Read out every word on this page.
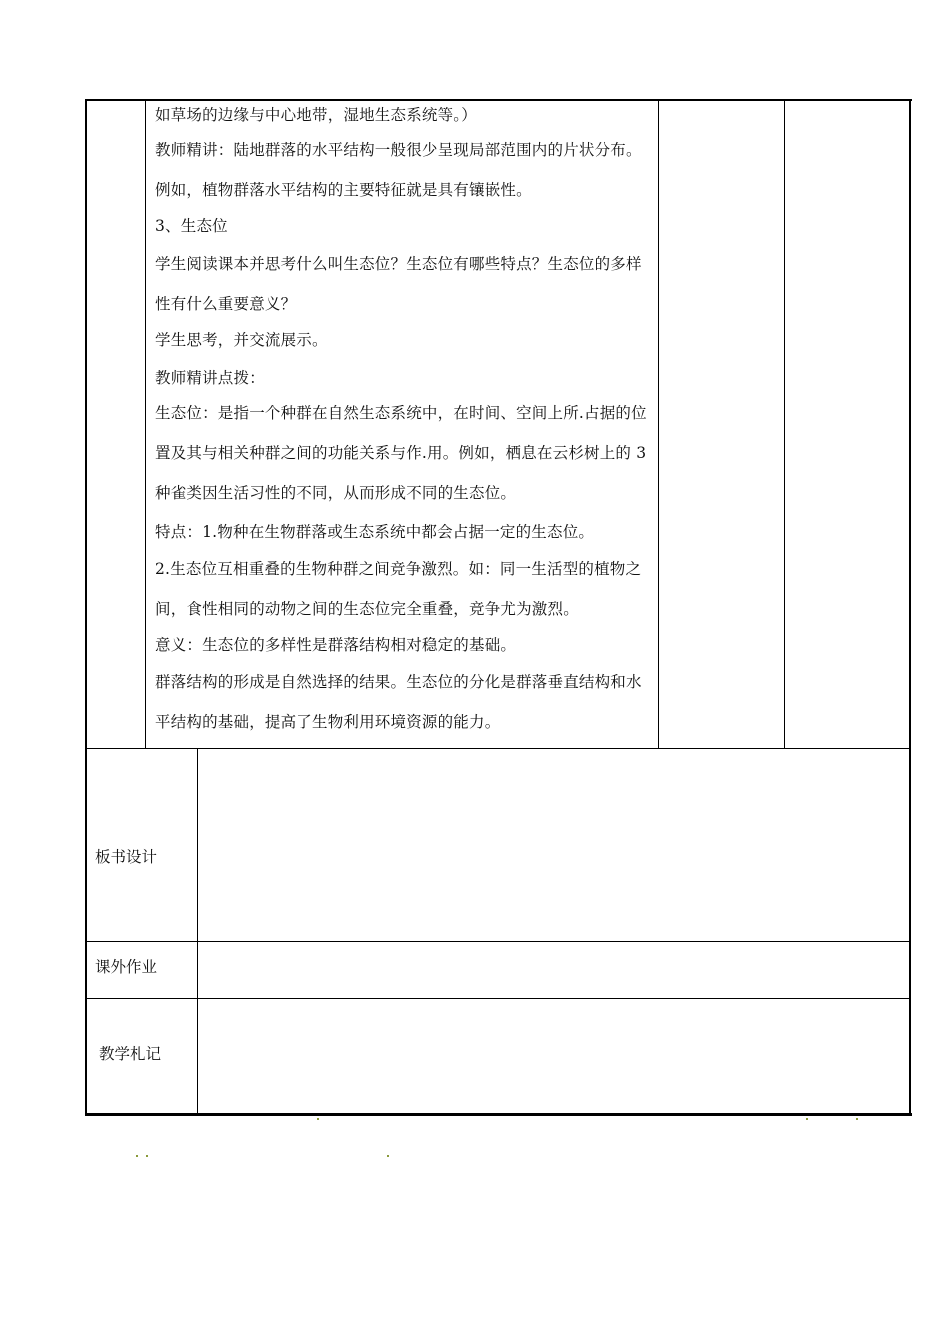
如草场的边缘与中心地带，湿地生态系统等。）
教师精讲：陆地群落的水平结构一般很少呈现局部范围内的片状分布。例如，植物群落水平结构的主要特征就是具有镶嵌性。
3、生态位
学生阅读课本并思考什么叫生态位？生态位有哪些特点？生态位的多样性有什么重要意义？
学生思考，并交流展示。
教师精讲点拨：
生态位：是指一个种群在自然生态系统中，在时间、空间上所.占据的位置及其与相关种群之间的功能关系与作.用。例如，栖息在云杉树上的 3 种雀类因生活习性的不同，从而形成不同的生态位。
特点：1.物种在生物群落或生态系统中都会占据一定的生态位。
2.生态位互相重叠的生物种群之间竞争激烈。如：同一生活型的植物之间，食性相同的动物之间的生态位完全重叠，竞争尤为激烈。
意义：生态位的多样性是群落结构相对稳定的基础。
群落结构的形成是自然选择的结果。生态位的分化是群落垂直结构和水平结构的基础，提高了生物利用环境资源的能力。
板书设计
课外作业
教学札记
